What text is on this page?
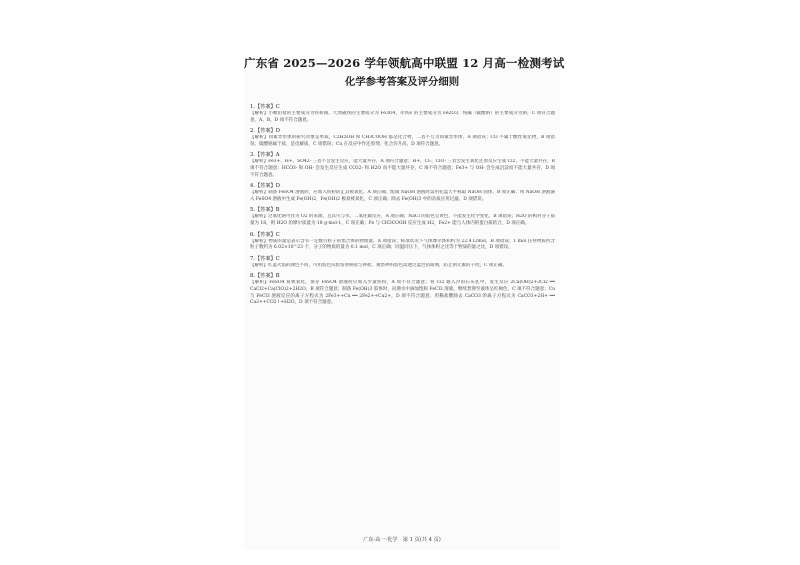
广东省 2025—2026 学年领航高中联盟 12 月高一检测考试
化学参考答案及评分细则
1.【答案】C
【解析】小蜡铅盐的主要成分为铁和锡，天然磁铁的主要成分为 Fe3O4，赤铁矿的主要成分为 Fe2O3，纯碱（碳酸钠）的主要成分为钠，C 项符合题意，A、B、D 项不符合题意。
2.【答案】D
【解析】同素异形体的研究对象是单质，C2H5OH 和 CH3COOH 都是化合物，二者不互为同素异形体，A 项错误；CO 不属于酸性氧化物，B 项错误；硫酸钠属于盐，是电解质，C 项错误；Cu 在反应中作还原剂，化合价升高，D 项符合题意。
3.【答案】A
【解析】Fe3+、H+、SO42- 三者不会发生反应，能大量共存，A 项符合题意；H+、Cl-、ClO- 三者会发生氧化还原反应生成 Cl2，不能大量共存，B 项不符合题意；HCO3- 和 OH- 会发生反应生成 CO32- 和 H2O 而不能大量共存，C 项不符合题意；Fe3+ 与 OH- 会生成沉淀而不能大量共存，D 项不符合题意。
4.【答案】D
【解析】制备 FeSO4 溶液时，应加入铁粉防止其被氧化，A 项正确；配制 NaOH 溶液时需用托盘天平称取 NaOH 固体，B 项正确；将 NaOH 溶液滴入 FeSO4 溶液中生成 Fe(OH)2，Fe(OH)2 极易被氧化，C 项正确；除去 Fe(OH)3 中的杂质应用过滤，D 项错误。
5.【答案】B
【解析】过氧化钠可作为 O2 的来源，且其可与水、二氧化碳反应，A 项正确；NaCl 的焰色呈黄色，不能发生化学变化，B 项错误；H2O 的相对分子质量为 18，则 H2O 的摩尔质量为 18 g·mol-1，C 项正确；Fe 与 CH3COOH 反应生成 H2，Fe2+ 能与人体内的蛋白质结合，D 项正确。
6.【答案】C
【解析】物质的量是表示含有一定数目粒子的集合体的物理量，A 项错误；标准状况下气体摩尔体积约为 22.4 L/mol，B 项错误；1 mol 任何物质所含粒子数约为 6.02×10^23 个，分子的物质的量为 0.1 mol，C 项正确；同温同压下，气体体积之比等于物质的量之比，D 项错误。
7.【答案】C
【解析】红蓝火焰的颜色不同，可用焰色试验鉴别钠盐与钾盐，观察钾的焰色需透过蓝色钴玻璃，防止钠元素的干扰，C 项正确。
8.【答案】B
【解析】FeSO4 易被氧化，保存 FeSO4 溶液时应加入少量铁粉，A 项不符合题意；将 Cl2 通入冷的石灰乳中，发生反应 2Ca(OH)2+2Cl2 ══ CaCl2+Ca(ClO)2+2H2O，B 项符合题意；制备 Fe(OH)3 胶体时，向沸水中滴加饱和 FeCl3 溶液，继续煮沸至液体呈红褐色，C 项不符合题意；Cu 与 FeCl3 溶液反应的离子方程式为 2Fe3++Cu ══ 2Fe2++Cu2+，D 项不符合题意；用稀盐酸除去 CaCO3 的离子方程式为 CaCO3+2H+ ══ Ca2++CO2↑+H2O，D 项不符合题意。
广东·高一·化学　第 1 页(共 4 页)
